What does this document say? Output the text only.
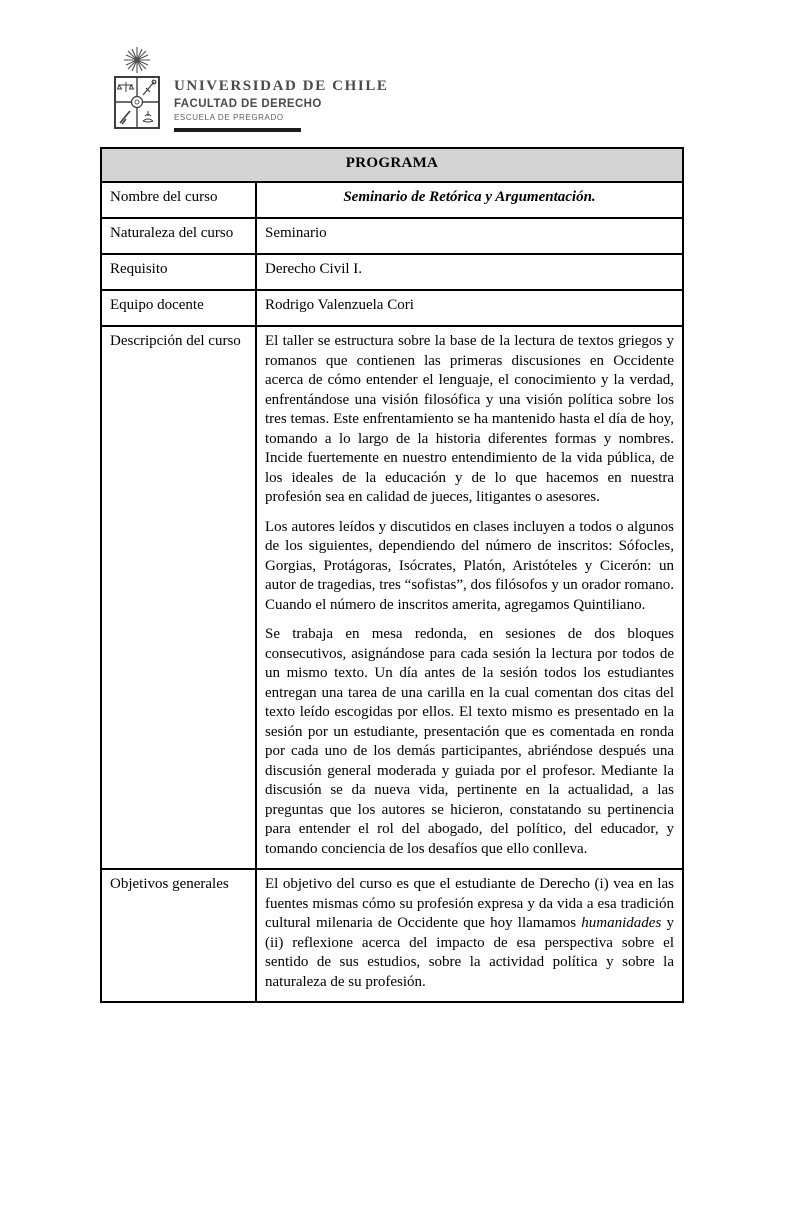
UNIVERSIDAD DE CHILE
FACULTAD DE DERECHO
ESCUELA DE PREGRADO
PROGRAMA	
Nombre del curso	Seminario de Retórica y Argumentación.
Naturaleza del curso	Seminario
Requisito	Derecho Civil I.
Equipo docente	Rodrigo Valenzuela Cori
Descripción del curso	El taller se estructura sobre la base de la lectura de textos griegos y romanos que contienen las primeras discusiones en Occidente acerca de cómo entender el lenguaje, el conocimiento y la verdad, enfrentándose una visión filosófica y una visión política sobre los tres temas. Este enfrentamiento se ha mantenido hasta el día de hoy, tomando a lo largo de la historia diferentes formas y nombres. Incide fuertemente en nuestro entendimiento de la vida pública, de los ideales de la educación y de lo que hacemos en nuestra profesión sea en calidad de jueces, litigantes o asesores.

Los autores leídos y discutidos en clases incluyen a todos o algunos de los siguientes, dependiendo del número de inscritos: Sófocles, Gorgias, Protágoras, Isócrates, Platón, Aristóteles y Cicerón: un autor de tragedias, tres “sofistas”, dos filósofos y un orador romano. Cuando el número de inscritos amerita, agregamos Quintiliano.

Se trabaja en mesa redonda, en sesiones de dos bloques consecutivos, asignándose para cada sesión la lectura por todos de un mismo texto. Un día antes de la sesión todos los estudiantes entregan una tarea de una carilla en la cual comentan dos citas del texto leído escogidas por ellos. El texto mismo es presentado en la sesión por un estudiante, presentación que es comentada en ronda por cada uno de los demás participantes, abriéndose después una discusión general moderada y guiada por el profesor. Mediante la discusión se da nueva vida, pertinente en la actualidad, a las preguntas que los autores se hicieron, constatando su pertinencia para entender el rol del abogado, del político, del educador, y tomando conciencia de los desafíos que ello conlleva.

Objetivos generales	El objetivo del curso es que el estudiante de Derecho (i) vea en las fuentes mismas cómo su profesión expresa y da vida a esa tradición cultural milenaria de Occidente que hoy llamamos humanidades y (ii) reflexione acerca del impacto de esa perspectiva sobre el sentido de sus estudios, sobre la actividad política y sobre la naturaleza de su profesión.
